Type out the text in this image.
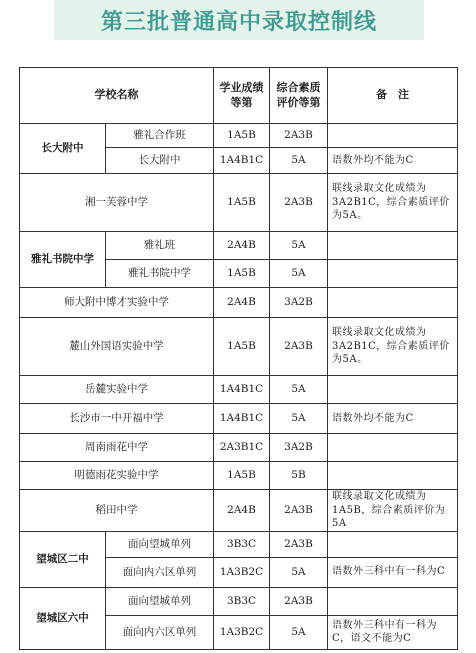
第三批普通高中录取控制线
学校名称		学业成绩等第	综合素质评价等第	备　注
长大附中	雅礼合作班	1A5B	2A3B	
	长大附中	1A4B1C	5A	语数外均不能为C
湘一芙蓉中学		1A5B	2A3B	联线录取文化成绩为3A2B1C，综合素质评价为5A。
雅礼书院中学	雅礼班	2A4B	5A	
	雅礼书院中学	1A5B	5A	
师大附中博才实验中学		2A4B	3A2B	
麓山外国语实验中学		1A5B	2A3B	联线录取文化成绩为3A2B1C，综合素质评价为5A。
岳麓实验中学		1A4B1C	5A	
长沙市一中开福中学		1A4B1C	5A	语数外均不能为C
周南雨花中学		2A3B1C	3A2B	
明德雨花实验中学		1A5B	5B	
稻田中学		2A4B	2A3B	联线录取文化成绩为1A5B，综合素质评价为5A
望城区二中	面向望城单列	3B3C	2A3B	
	面向内六区单列	1A3B2C	5A	语数外三科中有一科为C
望城区六中	面向望城单列	3B3C	2A3B	
	面向内六区单列	1A3B2C	5A	语数外三科中有一科为C，语文不能为C
